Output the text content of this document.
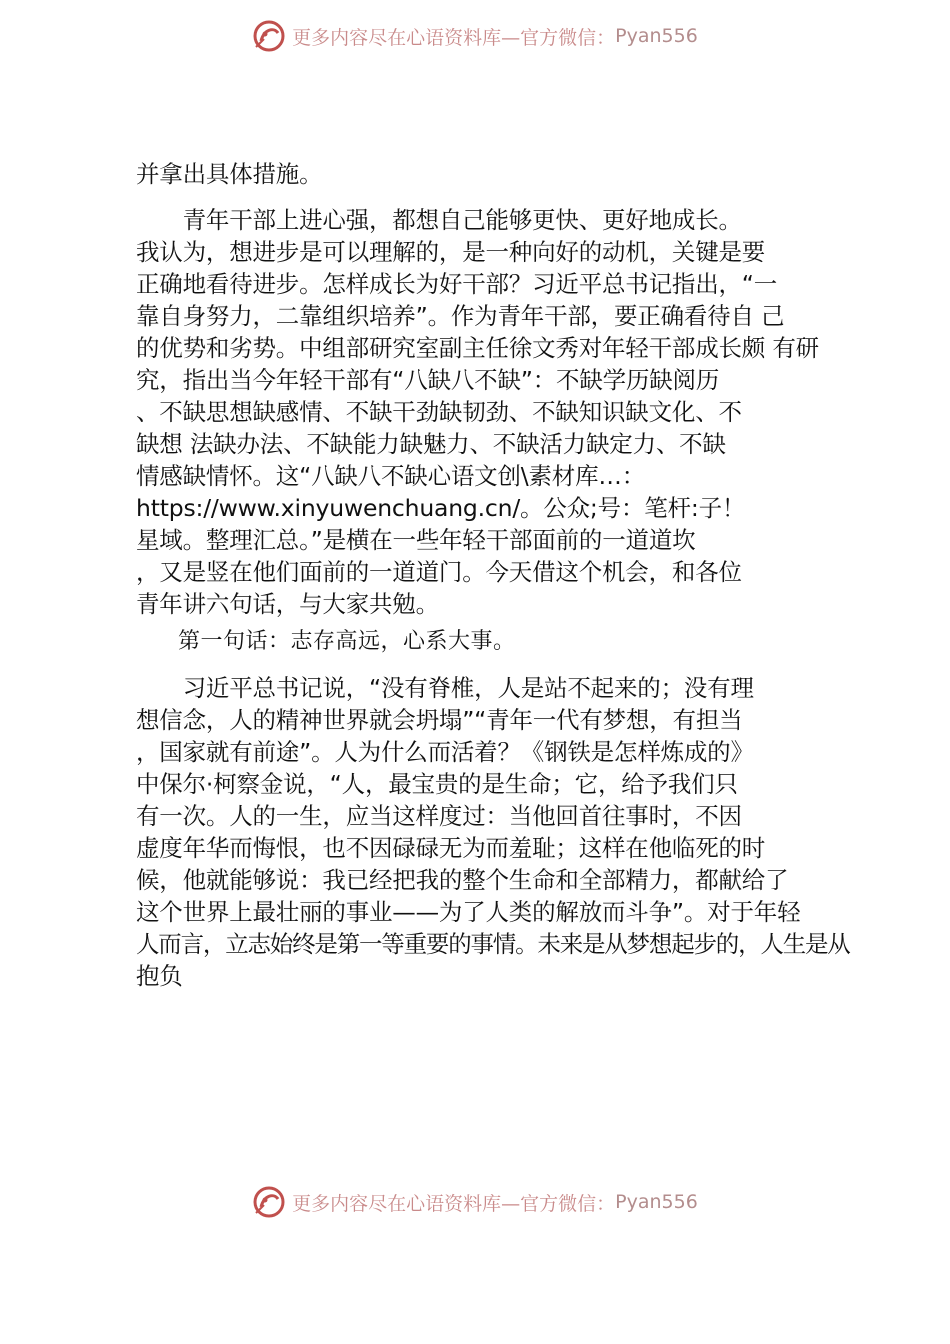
更多内容尽在心语资料库—官方微信： Pyan556
并拿出具体措施。
　　青年干部上进心强，都想自己能够更快、更好地成长。
我认为，想进步是可以理解的，是一种向好的动机，关键是要
正确地看待进步。怎样成长为好干部？习近平总书记指出，“一
靠自身努力，二靠组织培养”。作为青年干部，要正确看待自 己
的优势和劣势。中组部研究室副主任徐文秀对年轻干部成长颇 有研
究，指出当今年轻干部有“八缺八不缺”：不缺学历缺阅历
、不缺思想缺感情、不缺干劲缺韧劲、不缺知识缺文化、不
缺想 法缺办法、不缺能力缺魅力、不缺活力缺定力、不缺
情感缺情怀。这“八缺八不缺心语文创\素材库…：
https://www.xinyuwenchuang.cn/。公众;号：笔杆:子！
星域。整理汇总。”是横在一些年轻干部面前的一道道坎
，又是竖在他们面前的一道道门。今天借这个机会，和各位
青年讲六句话，与大家共勉。
第一句话：志存高远，心系大事。
　　习近平总书记说，“没有脊椎，人是站不起来的；没有理
想信念，人的精神世界就会坍塌”“青年一代有梦想，有担当
，国家就有前途”。人为什么而活着？《钢铁是怎样炼成的》
中保尔·柯察金说，“人，最宝贵的是生命；它，给予我们只
有一次。人的一生，应当这样度过：当他回首往事时，不因
虚度年华而悔恨，也不因碌碌无为而羞耻；这样在他临死的时
候，他就能够说：我已经把我的整个生命和全部精力，都献给了
这个世界上最壮丽的事业——为了人类的解放而斗争”。对于年轻
人而言，立志始终是第一等重要的事情。未来是从梦想起步的，人生是从
抱负
更多内容尽在心语资料库—官方微信： Pyan556
